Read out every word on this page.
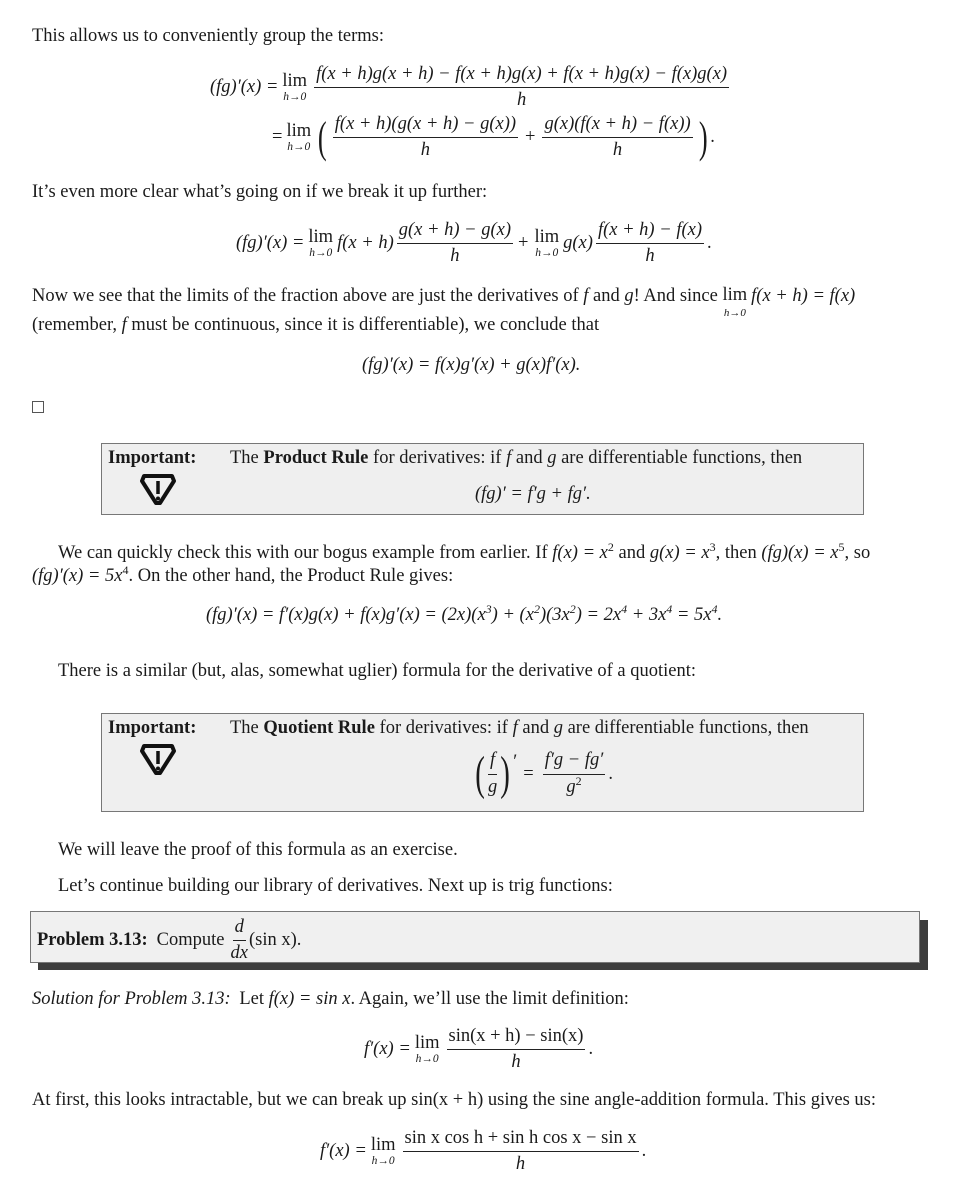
This allows us to conveniently group the terms:
(fg)′(x) = lim
$h\to 0 \frac{f(x + h)g(x + h) - f(x + h)g(x) + f(x + h)g(x) - f(x)g(x)}{h}$
= lim
h→0 ( $\frac{f(x + h)(g(x + h) - g(x))}{h} + \frac{g(x)(f(x + h) - f(x))}{h}$ ) .
It’s even more clear what’s going on if we break it up further:
(fg)′(x) = lim
h→0 $f(x + h) \frac{g(x + h) - g(x)}{h} + \lim$
h→0 $g(x) \frac{f(x + h) - f(x)}{h}$ .
Now we see that the limits of the fraction above are just the derivatives of f and g! And since lim
h→0
f(x + h) = f(x)
(remember, f must be continuous, since it is differentiable), we conclude that
(fg)′(x) = f(x)g′(x) + g(x)f′(x).
Important: The Product Rule for derivatives: if f and g are differentiable functions, then
(fg)′ = f′g + fg′.
We can quickly check this with our bogus example from earlier. If $f(x) = x^2$ and $g(x) = x^3$, then $(fg)(x) = x^5$, so
$(fg)'(x) = 5x^4$. On the other hand, the Product Rule gives:
$(fg)'(x) = f'(x)g(x) + f(x)g'(x) = (2x)(x^3) + (x^2)(3x^2) = 2x^4 + 3x^4 = 5x^4$.
There is a similar (but, alas, somewhat uglier) formula for the derivative of a quotient:
Important: The Quotient Rule for derivatives: if f and g are differentiable functions, then
( $\frac{f}{g}$ ) ′
= $\frac{f'g - fg'}{g^2}$ .
We will leave the proof of this formula as an exercise.
Let’s continue building our library of derivatives. Next up is trig functions:
Problem 3.13: Compute $\frac{d}{dx} (\sin$ x).
Solution for Problem 3.13: Let f(x) = sin x. Again, we’ll use the limit definition:
f′(x) = lim
$h\to 0 \frac{\sin(x + h) - \sin(x)}{h}$ .
At first, this looks intractable, but we can break up sin(x + h) using the sine angle-addition formula. This gives us:
f′(x) = lim
$h\to 0 \frac{\text{sin x cos h + sin h cos x − sin x}}{h}$ .
